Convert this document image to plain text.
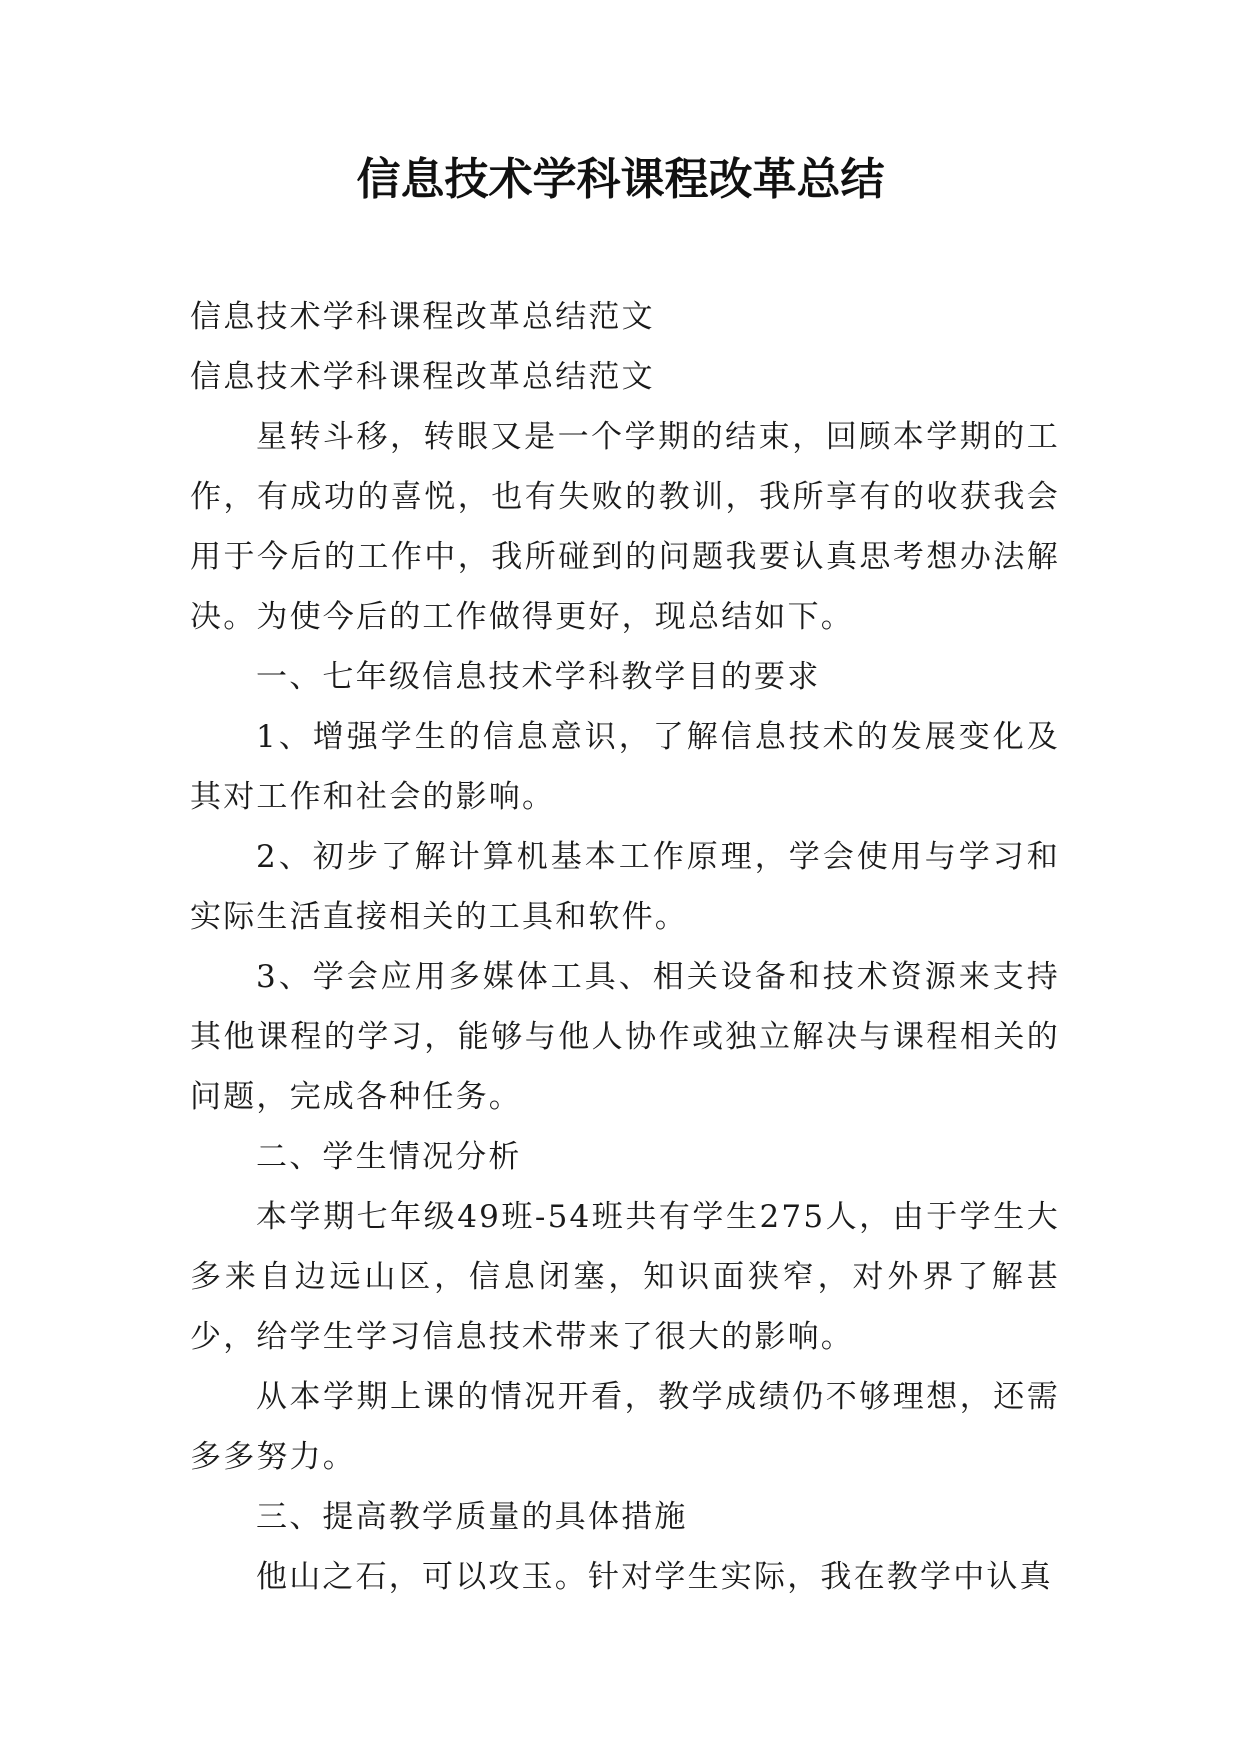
信息技术学科课程改革总结

信息技术学科课程改革总结范文

信息技术学科课程改革总结范文

星转斗移，转眼又是一个学期的结束，回顾本学期的工作，有成功的喜悦，也有失败的教训，我所享有的收获我会用于今后的工作中，我所碰到的问题我要认真思考想办法解决。为使今后的工作做得更好，现总结如下。

一、七年级信息技术学科教学目的要求

1、增强学生的信息意识，了解信息技术的发展变化及其对工作和社会的影响。

2、初步了解计算机基本工作原理，学会使用与学习和实际生活直接相关的工具和软件。

3、学会应用多媒体工具、相关设备和技术资源来支持其他课程的学习，能够与他人协作或独立解决与课程相关的问题，完成各种任务。

二、学生情况分析

本学期七年级49班-54班共有学生275人，由于学生大多来自边远山区，信息闭塞，知识面狭窄，对外界了解甚少，给学生学习信息技术带来了很大的影响。

从本学期上课的情况开看，教学成绩仍不够理想，还需多多努力。

三、提高教学质量的具体措施

他山之石，可以攻玉。针对学生实际，我在教学中认真
